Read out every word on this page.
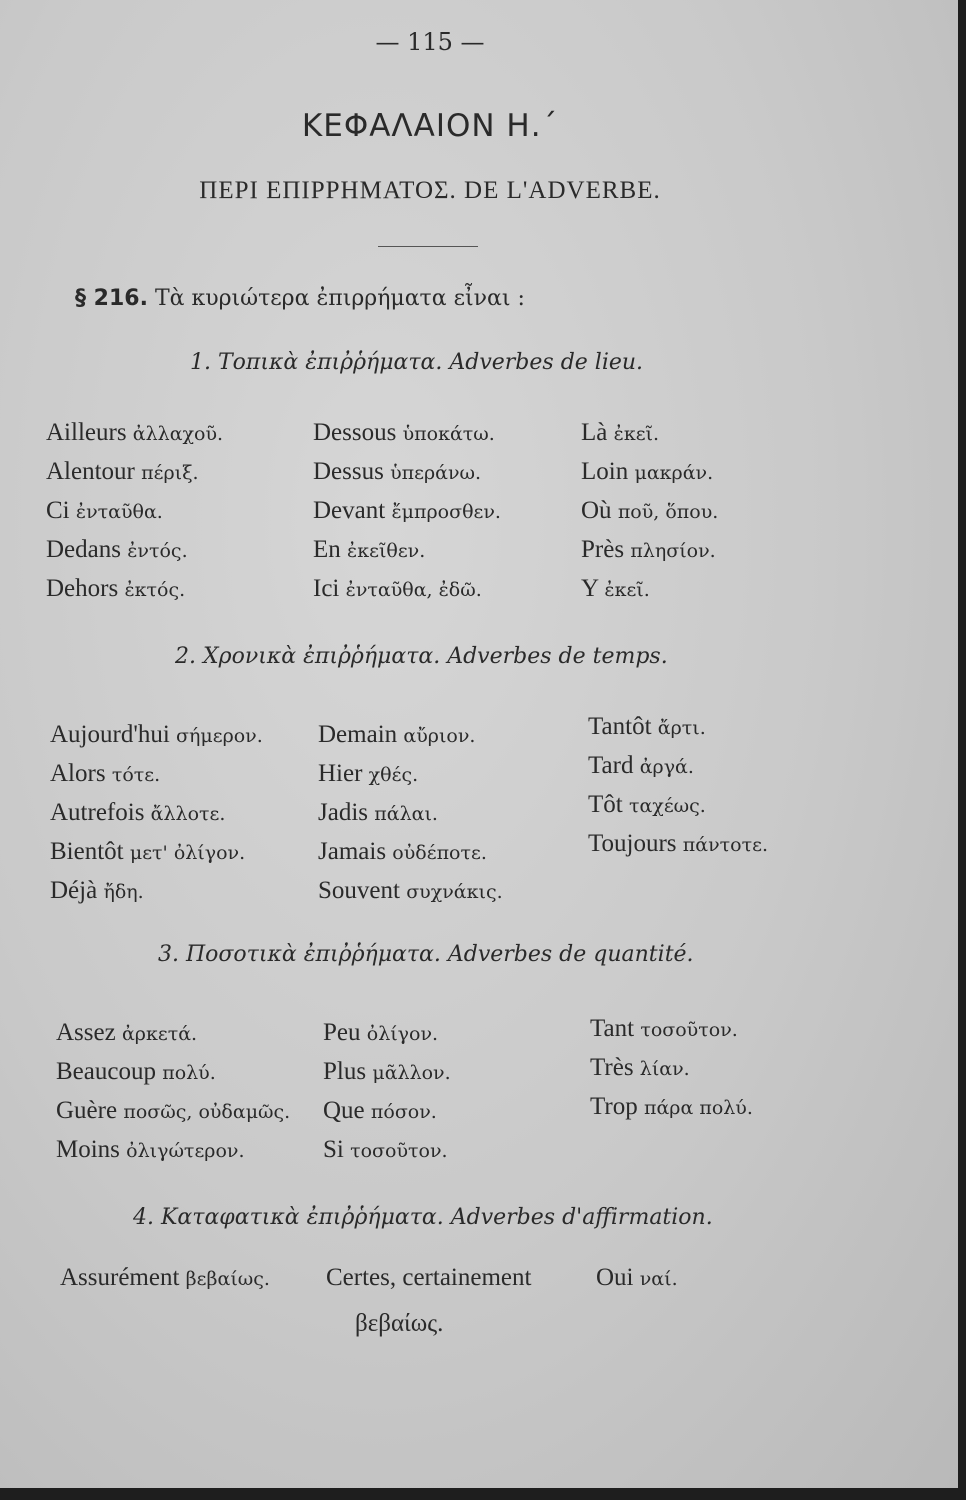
— 115 —
ΚΕΦΑΛΑΙΟΝ Η.΄
ΠΕΡΙ ΕΠΙΡΡΗΜΑΤΟΣ. DE L'ADVERBE.
§ 216. Τὰ κυριώτερα ἐπιρρήματα εἶναι :
1. Τοπικὰ ἐπιῤῥήματα. Adverbes de lieu.
Ailleurs ἀλλαχοῦ.
Alentour πέριξ.
Ci ἐνταῦθα.
Dedans ἐντός.
Dehors ἐκτός.
Dessous ὑποκάτω.
Dessus ὑπεράνω.
Devant ἔμπροσθεν.
En ἐκεῖθεν.
Ici ἐνταῦθα, ἐδῶ.
Là ἐκεῖ.
Loin μακράν.
Où ποῦ, ὅπου.
Près πλησίον.
Y ἐκεῖ.
2. Χρονικὰ ἐπιῤῥήματα. Adverbes de temps.
Aujourd'hui σήμερον.
Alors τότε.
Autrefois ἄλλοτε.
Bientôt μετ' ὀλίγον.
Déjà ἤδη.
Demain αὔριον.
Hier χθές.
Jadis πάλαι.
Jamais οὐδέποτε.
Souvent συχνάκις.
Tantôt ἄρτι.
Tard ἀργά.
Tôt ταχέως.
Toujours πάντοτε.
3. Ποσοτικὰ ἐπιῤῥήματα. Adverbes de quantité.
Assez ἀρκετά.
Beaucoup πολύ.
Guère ποσῶς, οὐδαμῶς.
Moins ὀλιγώτερον.
Peu ὀλίγον.
Plus μᾶλλον.
Que πόσον.
Si τοσοῦτον.
Tant τοσοῦτον.
Très λίαν.
Trop πάρα πολύ.
4. Καταφατικὰ ἐπιῤῥήματα. Adverbes d'affirmation.
Assurément βεβαίως. Certes, certainement	Oui ναί.
βεβαίως.
